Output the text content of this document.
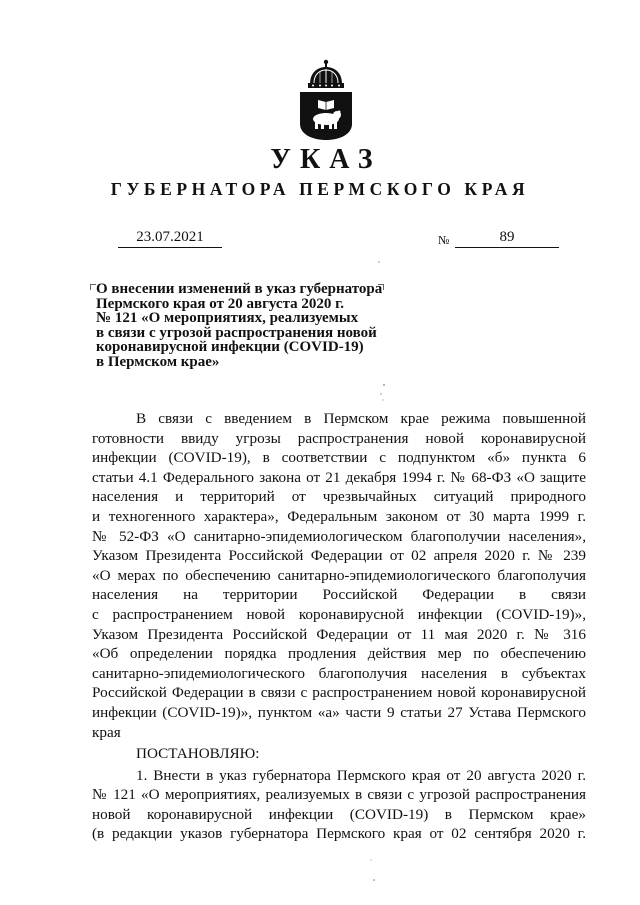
УКАЗ
ГУБЕРНАТОРА ПЕРМСКОГО КРАЯ
23.07.2021	№	89
О внесении изменений в указ губернатора
Пермского края от 20 августа 2020 г.
№ 121 «О мероприятиях, реализуемых
в связи с угрозой распространения новой
коронавирусной инфекции (COVID-19)
в Пермском крае»
В связи с введением в Пермском крае режима повышенной
готовности ввиду угрозы распространения новой коронавирусной
инфекции (COVID-19), в соответствии с подпунктом «б» пункта 6
статьи 4.1 Федерального закона от 21 декабря 1994 г. № 68-ФЗ «О защите
населения и территорий от чрезвычайных ситуаций природного
и техногенного характера», Федеральным законом от 30 марта 1999 г.
№ 52-ФЗ «О санитарно-эпидемиологическом благополучии населения»,
Указом Президента Российской Федерации от 02 апреля 2020 г. № 239
«О мерах по обеспечению санитарно-эпидемиологического благополучия
населения на территории Российской Федерации в связи
с распространением новой коронавирусной инфекции (COVID-19)»,
Указом Президента Российской Федерации от 11 мая 2020 г. № 316
«Об определении порядка продления действия мер по обеспечению
санитарно-эпидемиологического благополучия населения в субъектах
Российской Федерации в связи с распространением новой коронавирусной
инфекции (COVID-19)», пунктом «а» части 9 статьи 27 Устава Пермского
края
ПОСТАНОВЛЯЮ:
1. Внести в указ губернатора Пермского края от 20 августа 2020 г.
№ 121 «О мероприятиях, реализуемых в связи с угрозой распространения
новой коронавирусной инфекции (COVID-19) в Пермском крае»
(в редакции указов губернатора Пермского края от 02 сентября 2020 г.
